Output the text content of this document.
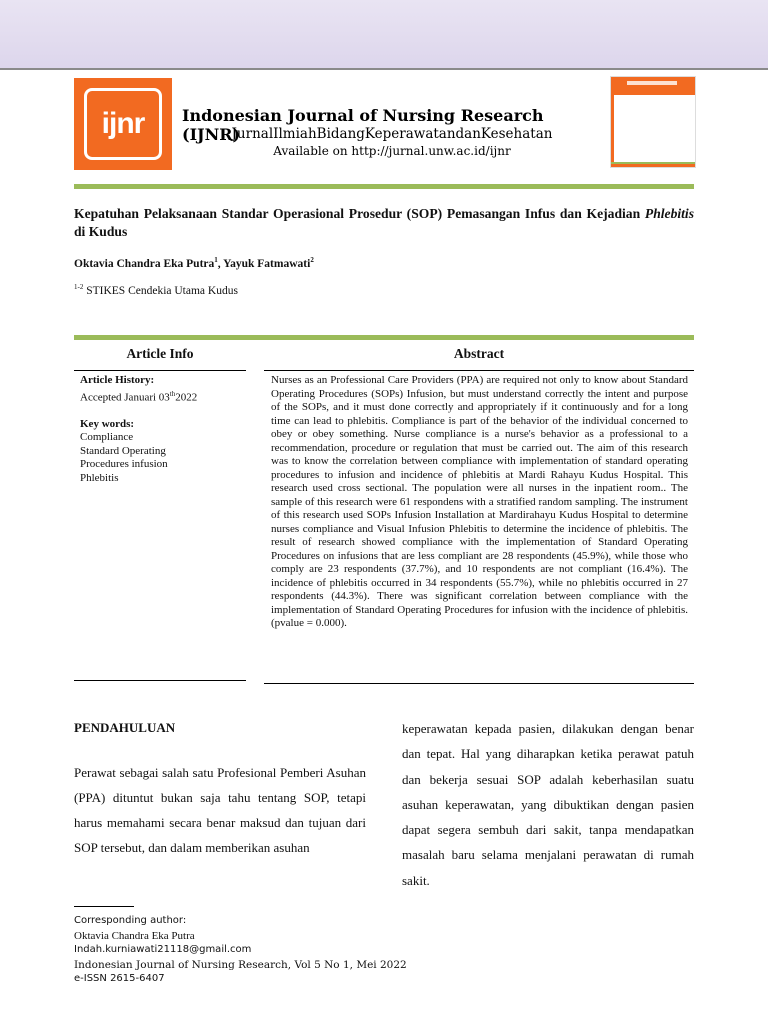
ijnr	Indonesian Journal of Nursing Research (IJNR)
JurnalIlmiahBidangKeperawatandanKesehatan
Available on http://jurnal.unw.ac.id/ijnr
Kepatuhan Pelaksanaan Standar Operasional Prosedur (SOP) Pemasangan Infus dan Kejadian Phlebitis di Kudus
Oktavia Chandra Eka Putra$^1$, Yayuk Fatmawati$^2$
$^{1-2}$ STIKES Cendekia Utama Kudus
Article Info	Abstract
Article History:
Accepted Januari 03th2022
Key words:
Compliance
Standard Operating
Procedures infusion
Phlebitis
Nurses as an Professional Care Providers (PPA) are required not only to know about Standard Operating Procedures (SOPs) Infusion, but must understand correctly the intent and purpose of the SOPs, and it must done correctly and appropriately if it continuously and for a long time can lead to phlebitis. Compliance is part of the behavior of the individual concerned to obey or obey something. Nurse compliance is a nurse's behavior as a professional to a recommendation, procedure or regulation that must be carried out. The aim of this research was to know the correlation between compliance with implementation of standard operating procedures to infusion and incidence of phlebitis at Mardi Rahayu Kudus Hospital. This research used cross sectional. The population were all nurses in the inpatient room.. The sample of this research were 61 respondens with a stratified random sampling. The instrument of this research used SOPs Infusion Installation at Mardirahayu Kudus Hospital to determine nurses compliance and Visual Infusion Phlebitis to determine the incidence of phlebitis. The result of research showed compliance with the implementation of Standard Operating Procedures on infusions that are less compliant are 28 respondents (45.9%), while those who comply are 23 respondents (37.7%), and 10 respondents are not compliant (16.4%). The incidence of phlebitis occurred in 34 respondents (55.7%), while no phlebitis occurred in 27 respondents (44.3%). There was significant correlation between compliance with the implementation of Standard Operating Procedures for infusion with the incidence of phlebitis. (pvalue = 0.000).
PENDAHULUAN
Perawat sebagai salah satu Profesional Pemberi Asuhan (PPA) dituntut bukan saja tahu tentang SOP, tetapi harus memahami secara benar maksud dan tujuan dari SOP tersebut, dan dalam memberikan asuhan
keperawatan kepada pasien, dilakukan dengan benar dan tepat. Hal yang diharapkan ketika perawat patuh dan bekerja sesuai SOP adalah keberhasilan suatu asuhan keperawatan, yang dibuktikan dengan pasien dapat segera sembuh dari sakit, tanpa mendapatkan masalah baru selama menjalani perawatan di rumah sakit.
Corresponding author:
Oktavia Chandra Eka Putra
Indah.kurniawati21118@gmail.com
Indonesian Journal of Nursing Research, Vol 5 No 1, Mei 2022
e-ISSN 2615-6407
